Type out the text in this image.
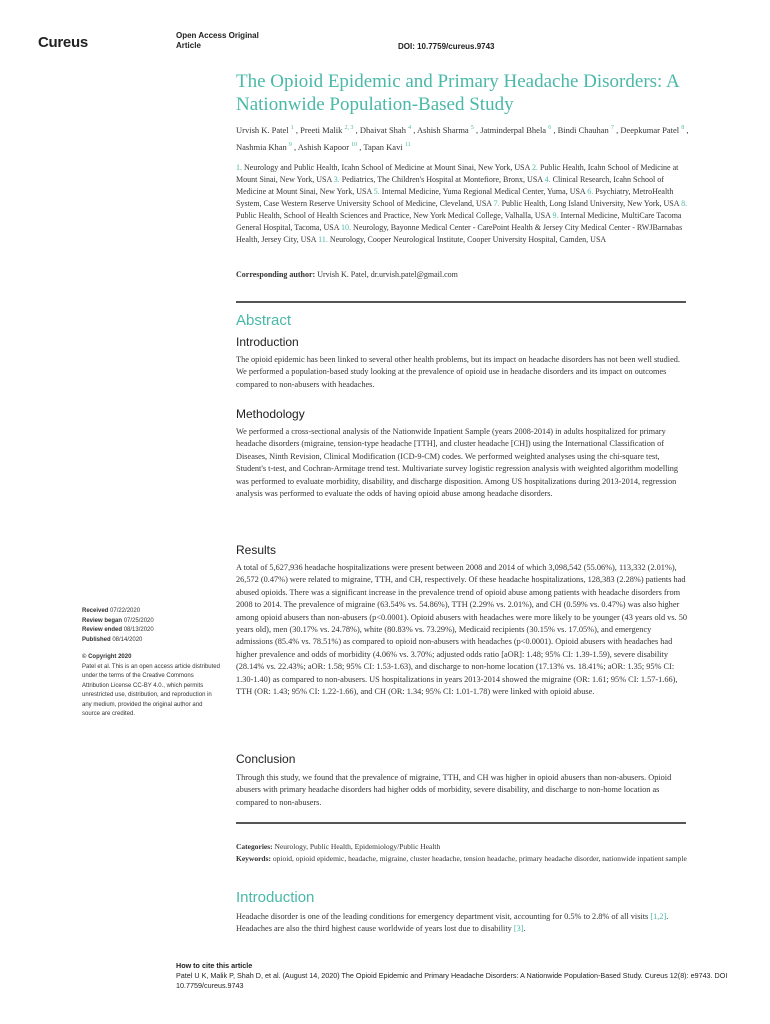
Cureus	Open Access Original
Article	DOI: 10.7759/cureus.9743
The Opioid Epidemic and Primary Headache Disorders: A Nationwide Population-Based Study
Urvish K. Patel $^1$ , Preeti Malik $^{2, 3}$ , Dhaivat Shah $^4$ , Ashish Sharma $^5$ , Jatminderpal Bhela $^6$ , Bindi Chauhan $^7$ , Deepkumar Patel $^8$ , Nashmia Khan $^9$ , Ashish Kapoor $^{10}$ , Tapan Kavi $^{11}$
1. Neurology and Public Health, Icahn School of Medicine at Mount Sinai, New York, USA 2. Public Health, Icahn School of Medicine at Mount Sinai, New York, USA 3. Pediatrics, The Children's Hospital at Montefiore, Bronx, USA 4. Clinical Research, Icahn School of Medicine at Mount Sinai, New York, USA 5. Internal Medicine, Yuma Regional Medical Center, Yuma, USA 6. Psychiatry, MetroHealth System, Case Western Reserve University School of Medicine, Cleveland, USA 7. Public Health, Long Island University, New York, USA 8. Public Health, School of Health Sciences and Practice, New York Medical College, Valhalla, USA 9. Internal Medicine, MultiCare Tacoma General Hospital, Tacoma, USA 10. Neurology, Bayonne Medical Center - CarePoint Health & Jersey City Medical Center - RWJBarnabas Health, Jersey City, USA 11. Neurology, Cooper Neurological Institute, Cooper University Hospital, Camden, USA
Corresponding author: Urvish K. Patel, dr.urvish.patel@gmail.com
Abstract
Introduction

The opioid epidemic has been linked to several other health problems, but its impact on headache disorders has not been well studied. We performed a population-based study looking at the prevalence of opioid use in headache disorders and its impact on outcomes compared to non-abusers with headaches.

Methodology

We performed a cross-sectional analysis of the Nationwide Inpatient Sample (years 2008-2014) in adults hospitalized for primary headache disorders (migraine, tension-type headache [TTH], and cluster headache [CH]) using the International Classification of Diseases, Ninth Revision, Clinical Modification (ICD-9-CM) codes. We performed weighted analyses using the chi-square test, Student's t-test, and Cochran-Armitage trend test. Multivariate survey logistic regression analysis with weighted algorithm modelling was performed to evaluate morbidity, disability, and discharge disposition. Among US hospitalizations during 2013-2014, regression analysis was performed to evaluate the odds of having opioid abuse among headache disorders.

Results

A total of 5,627,936 headache hospitalizations were present between 2008 and 2014 of which 3,098,542 (55.06%), 113,332 (2.01%), 26,572 (0.47%) were related to migraine, TTH, and CH, respectively. Of these headache hospitalizations, 128,383 (2.28%) patients had abused opioids. There was a significant increase in the prevalence trend of opioid abuse among patients with headache disorders from 2008 to 2014. The prevalence of migraine (63.54% vs. 54.86%), TTH (2.29% vs. 2.01%), and CH (0.59% vs. 0.47%) was also higher among opioid abusers than non-abusers (p<0.0001). Opioid abusers with headaches were more likely to be younger (43 years old vs. 50 years old), men (30.17% vs. 24.78%), white (80.83% vs. 73.29%), Medicaid recipients (30.15% vs. 17.05%), and emergency admissions (85.4% vs. 78.51%) as compared to opioid non-abusers with headaches (p<0.0001). Opioid abusers with headaches had higher prevalence and odds of morbidity (4.06% vs. 3.70%; adjusted odds ratio [aOR]: 1.48; 95% CI: 1.39-1.59), severe disability (28.14% vs. 22.43%; aOR: 1.58; 95% CI: 1.53-1.63), and discharge to non-home location (17.13% vs. 18.41%; aOR: 1.35; 95% CI: 1.30-1.40) as compared to non-abusers. US hospitalizations in years 2013-2014 showed the migraine (OR: 1.61; 95% CI: 1.57-1.66), TTH (OR: 1.43; 95% CI: 1.22-1.66), and CH (OR: 1.34; 95% CI: 1.01-1.78) were linked with opioid abuse.

Conclusion

Through this study, we found that the prevalence of migraine, TTH, and CH was higher in opioid abusers than non-abusers. Opioid abusers with primary headache disorders had higher odds of morbidity, severe disability, and discharge to non-home location as compared to non-abusers.

Received 07/22/2020
Review began 07/25/2020
Review ended 08/13/2020
Published 08/14/2020
© Copyright 2020
Patel et al. This is an open access article distributed under the terms of the Creative Commons Attribution License CC-BY 4.0., which permits unrestricted use, distribution, and reproduction in any medium, provided the original author and source are credited.
Categories: Neurology, Public Health, Epidemiology/Public Health
Keywords: opioid, opioid epidemic, headache, migraine, cluster headache, tension headache, primary headache disorder, nationwide inpatient sample
Introduction

Headache disorder is one of the leading conditions for emergency department visit, accounting for 0.5% to 2.8% of all visits [1,2]. Headaches are also the third highest cause worldwide of years lost due to disability [3].

How to cite this article
Patel U K, Malik P, Shah D, et al. (August 14, 2020) The Opioid Epidemic and Primary Headache Disorders: A Nationwide Population-Based Study. Cureus 12(8): e9743. DOI 10.7759/cureus.9743
